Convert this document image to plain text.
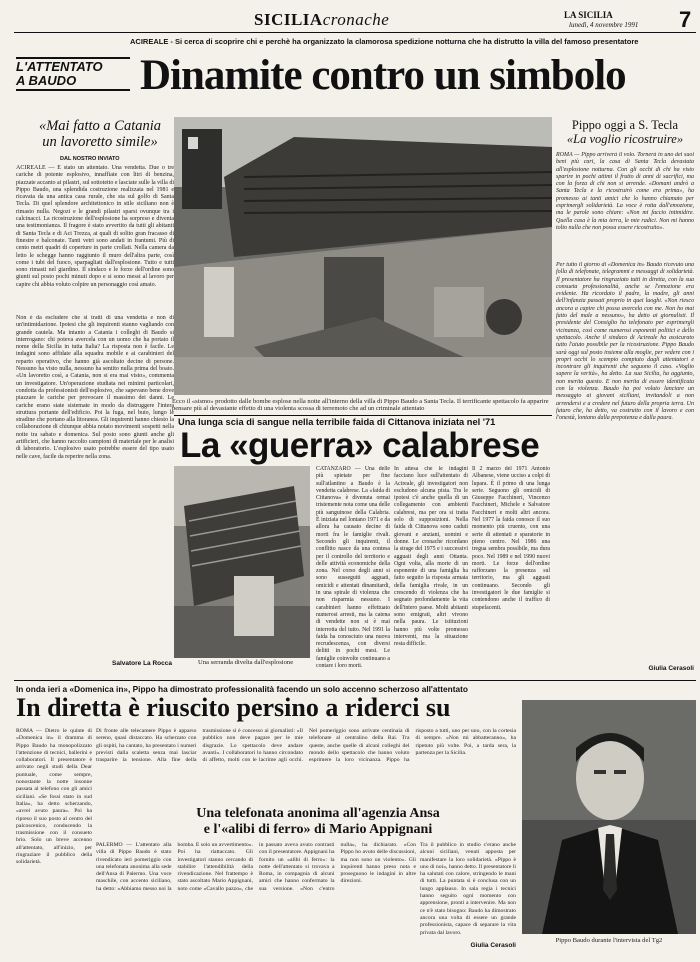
SICILIAcronache	LA SICILIA
lunedì, 4 novembre 1991 7
ACIREALE - Si cerca di scoprire chi e perchè ha organizzato la clamorosa spedizione notturna che ha distrutto la villa del famoso presentatore
L'ATTENTATO
A BAUDO	Dinamite contro un simbolo
«Mai fatto a Catania un lavoretto simile»
DAL NOSTRO INVIATO
ACIREALE — È stato un attentato. Una vendetta. Due o tre cariche di potente esplosivo, innaffiate con litri di benzina, piazzate accanto ai pilastri, sul sottotetto e lasciate sulle la villa di Pippo Baudo, una splendida costruzione realizzata nel 1981 e ricavata da una antica casa rurale, che sta sul golfo di Santa Tecla. Di quel splendore architettonico in stile siciliano non è rimasto nulla. Negozi e le grandi pilastri sparsi ovunque tra i calcinacci. La ricostruzione dell'esplosione ha sorpreso e diventa una testimonianza. Il fragore è stato avvertito da tutti gli abitanti di Santa Tecla e di Aci Trezza, ai quali di solito gran fracasso di finestre e balconate. Tanti vetri sono andati in frantumi. Più di cento metri quadri di coperture in parte crollati. Nella camera da letto le schegge hanno raggiunto il muro dell'altra parte, così come i tubi del fuoco, sparpagliati dall'esplosione. Tutto e tutti sono rimasti nel giardino. Il sindaco e le forze dell'ordine sono giunti sul posto pochi minuti dopo e si sono messi al lavoro per capire chi abbia voluto colpire un personaggio così amato.
Non è da escludere che si tratti di una vendetta e non di un'intimidazione. Ipotesi che gli inquirenti stanno vagliando con grande cautela. Ma intanto a Catania i colleghi di Baudo si interrogano: chi poteva avercela con un uomo che ha portato il nome della Sicilia in tutta Italia? La risposta non è facile. Le indagini sono affidate alla squadra mobile e ai carabinieri del reparto operativo, che hanno già ascoltato decine di persone. Nessuno ha visto nulla, nessuno ha sentito nulla prima del boato. «Un lavoretto così, a Catania, non si era mai visto», commenta un investigatore. Un'operazione studiata nei minimi particolari, condotta da professionisti dell'esplosivo, che sapevano bene dove piazzare le cariche per provocare il massimo dei danni. Le cariche erano state sistemate in modo da distruggere l'intera struttura portante dell'edificio. Poi la fuga, nel buio, lungo le stradine che portano alla litoranea. Gli inquirenti hanno chiesto la collaborazione di chiunque abbia notato movimenti sospetti nella notte tra sabato e domenica. Sul posto sono giunti anche gli artificieri, che hanno raccolto campioni di materiale per le analisi di laboratorio. L'esplosivo usato potrebbe essere del tipo usato nelle cave, facile da reperire nella zona.
Ecco il «sismo» prodotto dalle bombe esplose nella notte all'interno della villa di Pippo Baudo a Santa Tecla. Il terrificante spettacolo fa apparire pensare più al devastante effetto di una violenta scossa di terremoto che ad un criminale attentato
Pippo oggi a S. Tecla
«La voglio ricostruire»
ROMA — Pippo arriverà il volo. Tornerà in uno dei suoi beni più cari, la casa di Santa Tecla devastata all'esplosione notturna. Con gli occhi di chi ha visto sparire in pochi attimi il frutto di anni di sacrifici, ma con la forza di chi non si arrende. «Domani andrò a Santa Tecla e la ricostruirò come era prima», ha promesso ai tanti amici che lo hanno chiamato per esprimergli solidarietà. La voce è rotta dall'emozione, ma le parole sono chiare: «Non mi faccio intimidire. Quella casa è la mia terra, le mie radici. Non mi hanno tolto nulla che non possa essere ricostruito».
Per tutto il giorno di «Domenica in» Baudo ricevuto una folla di telefonate, telegrammi e messaggi di solidarietà. Il presentatore ha ringraziato tutti in diretta, con la sua consueta professionalità, anche se l'emozione era evidente. Ha ricordato il padre, la madre, gli anni dell'infanzia passati proprio in quei luoghi. «Non riesco ancora a capire chi possa avercela con me. Non ho mai fatto del male a nessuno», ha detto ai giornalisti. Il presidente del Consiglio ha telefonato per esprimergli vicinanza, così come numerosi esponenti politici e dello spettacolo. Anche il sindaco di Acireale ha assicurato tutto l'aiuto possibile per la ricostruzione. Pippo Baudo sarà oggi sul posto insieme alla moglie, per vedere con i propri occhi lo scempio compiuto dagli attentatori e incontrare gli inquirenti che seguono il caso. «Voglio sapere la verità», ha detto. La sua Sicilia, ha aggiunto, non merita questo. E non merita di essere identificata con la violenza. Baudo ha poi voluto lanciare un messaggio ai giovani siciliani, invitandoli a non arrendersi e a credere nel futuro della propria terra. Un futuro che, ha detto, va costruito con il lavoro e con l'onestà, lontano dalla prepotenza e dalla paura.
Una lunga scia di sangue nella terribile faida di Cittanova iniziata nel '71
La «guerra» calabrese
Una serranda divelta dall'esplosione
Salvatore La Rocca
CATANZARO — Una delle più spietate per fine sull'atlantino a Baudo è la vendetta calabrese. La «faida di Cittanova» è divenuta ormai tristemente nota come una delle più sanguinose della Calabria. È iniziata nel lontano 1971 e da allora ha causato decine di morti fra le famiglie rivali. Secondo gli inquirenti, il conflitto nasce da una contesa per il controllo del territorio e delle attività economiche della zona. Nel corso degli anni si sono susseguiti agguati, omicidi e attentati dinamitardi, in una spirale di violenza che non risparmia nessuno. I carabinieri hanno effettuato numerosi arresti, ma la catena di vendette non si è mai interrotta del tutto. Nel 1991 la faida ha conosciuto una nuova recrudescenza, con diversi delitti in pochi mesi. Le famiglie coinvolte continuano a contare i loro morti.
In attesa che le indagini facciano luce sull'attentato di Acireale, gli investigatori non escludono alcuna pista. Tra le ipotesi c'è anche quella di un collegamento con ambienti calabresi, ma per ora si tratta solo di supposizioni. Nella faida di Cittanova sono caduti giovani e anziani, uomini e donne. Le cronache ricordano la strage del 1975 e i successivi agguati degli anni Ottanta. Ogni volta, alla morte di un esponente di una famiglia ha fatto seguito la risposta armata della famiglia rivale, in un crescendo di violenza che ha segnato profondamente la vita dell'intero paese. Molti abitanti sono emigrati, altri vivono nella paura. Le istituzioni hanno più volte promesso interventi, ma la situazione resta difficile.
Il 2 marzo del 1971 Antonio Albanese, viene ucciso a colpi di lupara. È il primo di una lunga serie. Seguono gli omicidi di Giuseppe Facchineri, Vincenzo Facchineri, Michele e Salvatore Facchineri e molti altri ancora. Nel 1977 la faida conosce il suo momento più cruento, con una serie di attentati e sparatorie in pieno centro. Nel 1986 una tregua sembra possibile, ma dura poco. Nel 1989 e nel 1990 nuovi morti. Le forze dell'ordine rafforzano la presenza sul territorio, ma gli agguati continuano. Secondo gli investigatori le due famiglie si contendono anche il traffico di stupefacenti.
Giulia Cerasoli
In onda ieri a «Domenica in», Pippo ha dimostrato professionalità facendo un solo accenno scherzoso all'attentato
In diretta è riuscito persino a riderci su
ROMA — Dietro le quinte di «Domenica in» il dramma di Pippo Baudo ha monopolizzato l'attenzione di tecnici, ballerini e collaboratori. Il presentatore è arrivato negli studi della Dear puntuale, come sempre, nonostante la notte insonne passata al telefono con gli amici siciliani. «Se fossi stato in sud Italia», ha detto scherzando, «avrei avuto paura». Poi ha ripreso il suo posto al centro del palcoscenico, conducendo la trasmissione con il consueto brio. Solo un breve accenno all'attentato, all'inizio, per ringraziare il pubblico della solidarietà.
Di fronte alle telecamere Pippo è apparso sereno, quasi distaccato. Ha scherzato con gli ospiti, ha cantato, ha presentato i numeri previsti dalla scaletta senza mai lasciar trasparire la tensione. Alla fine della trasmissione si è concesso ai giornalisti: «Il pubblico non deve pagare per le mie disgrazie. Lo spettacolo deve andare avanti». I collaboratori lo hanno circondato di affetto, molti con le lacrime agli occhi. Nel pomeriggio sono arrivate centinaia di telefonate al centralino della Rai. Tra queste, anche quelle di alcuni colleghi del mondo dello spettacolo che hanno voluto esprimere la loro vicinanza. Pippo ha risposto a tutti, uno per uno, con la cortesia di sempre. «Non mi abbatteranno», ha ripetuto più volte. Poi, a tarda sera, la partenza per la Sicilia.
Una telefonata anonima all'agenzia Ansa
e l'«alibi di ferro» di Mario Appignani
PALERMO — L'attentato alla villa di Pippo Baudo è stato rivendicato ieri pomeriggio con una telefonata anonima alla sede dell'Ansa di Palermo. Una voce maschile, con accento siciliano, ha detto: «Abbiamo messo noi la bomba. È solo un avvertimento». Poi ha riattaccato. Gli investigatori stanno cercando di stabilire l'attendibilità della rivendicazione. Nel frattempo è stato ascoltato Mario Appignani, noto come «Cavallo pazzo», che in passato aveva avuto contrasti con il presentatore. Appignani ha fornito un «alibi di ferro»: la notte dell'attentato si trovava a Roma, in compagnia di alcuni amici che hanno confermato la sua versione. «Non c'entro nulla», ha dichiarato. «Con Pippo ho avuto delle discussioni, ma non sono un violento». Gli inquirenti hanno preso nota e proseguono le indagini in altre direzioni.
Tra il pubblico in studio c'erano anche alcuni siciliani, venuti apposta per manifestare la loro solidarietà. «Pippo è uno di noi», hanno detto. Il presentatore li ha salutati con calore, stringendo le mani di tutti. La puntata si è conclusa con un lungo applauso. In sala regia i tecnici hanno seguito ogni momento con apprensione, pronti a intervenire. Ma non ce n'è stato bisogno: Baudo ha dimostrato ancora una volta di essere un grande professionista, capace di separare la vita privata dal lavoro.
Giulia Cerasoli
Pippo Baudo durante l'intervista del Tg2
